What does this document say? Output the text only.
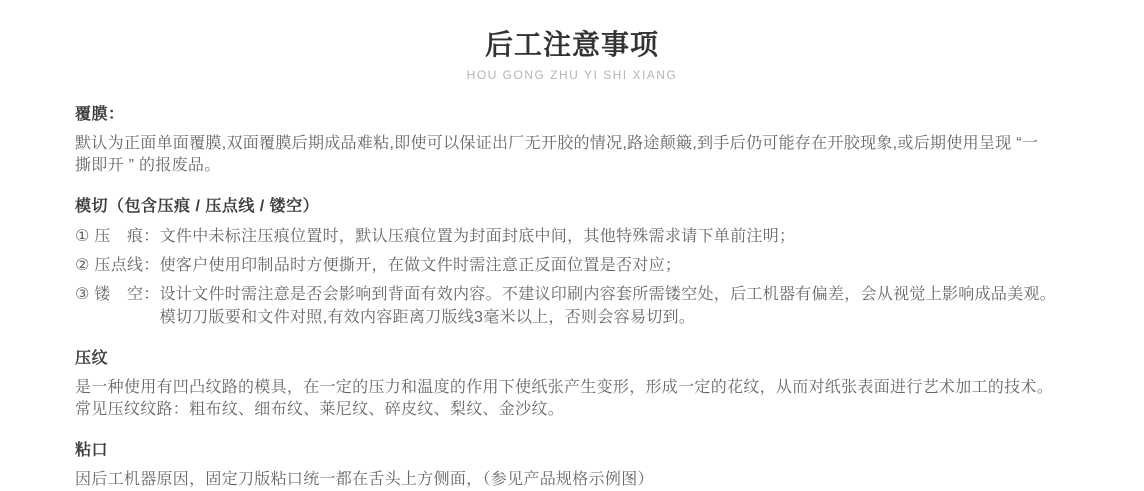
后工注意事项
HOU GONG ZHU YI SHI XIANG
覆膜：
默认为正面单面覆膜,双面覆膜后期成品难粘,即使可以保证出厂无开胶的情况,路途颠簸,到手后仍可能存在开胶现象,或后期使用呈现 “一
撕即开 ” 的报废品。
模切（包含压痕 / 压点线 / 镂空）
① 压　痕： 文件中未标注压痕位置时，默认压痕位置为封面封底中间，其他特殊需求请下单前注明；
② 压点线： 使客户使用印制品时方便撕开，在做文件时需注意正反面位置是否对应；
③ 镂　空： 设计文件时需注意是否会影响到背面有效内容。不建议印刷内容套所需镂空处，后工机器有偏差，会从视觉上影响成品美观。
模切刀版要和文件对照,有效内容距离刀版线3毫米以上，否则会容易切到。
压纹
是一种使用有凹凸纹路的模具，在一定的压力和温度的作用下使纸张产生变形，形成一定的花纹，从而对纸张表面进行艺术加工的技术。
常见压纹纹路：粗布纹、细布纹、莱尼纹、碎皮纹、梨纹、金沙纹。
粘口
因后工机器原因，固定刀版粘口统一都在舌头上方侧面，（参见产品规格示例图）
